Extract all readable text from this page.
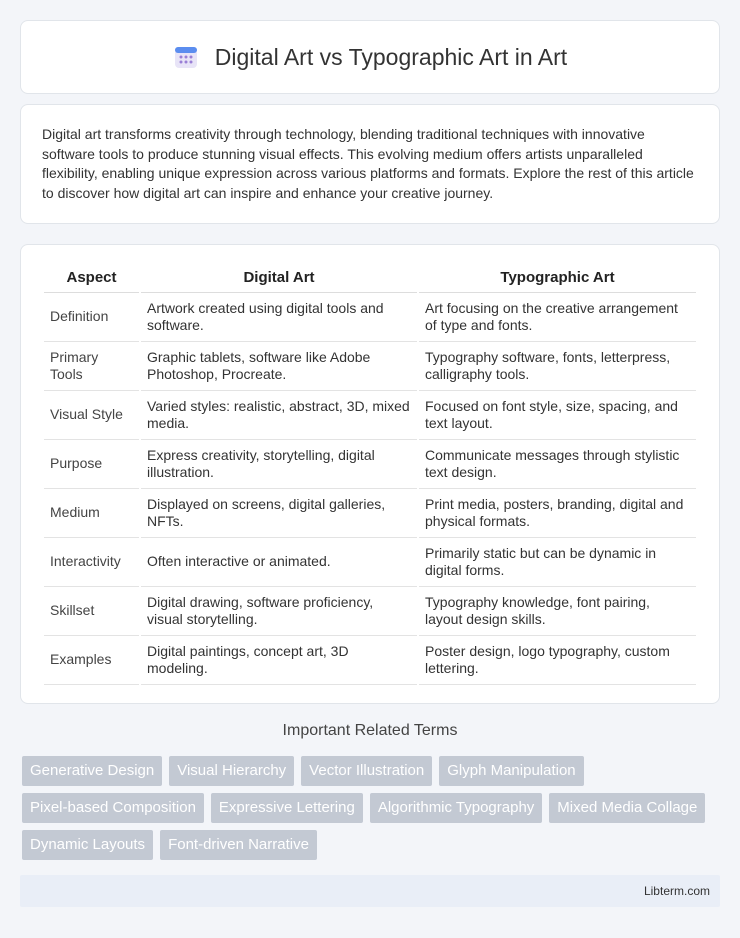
Digital Art vs Typographic Art in Art

Digital art transforms creativity through technology, blending traditional techniques with innovative software tools to produce stunning visual effects. This evolving medium offers artists unparalleled flexibility, enabling unique expression across various platforms and formats. Explore the rest of this article to discover how digital art can inspire and enhance your creative journey.

Aspect	Digital Art	Typographic Art
Definition	Artwork created using digital tools and software.	Art focusing on the creative arrangement of type and fonts.
Primary Tools	Graphic tablets, software like Adobe Photoshop, Procreate.	Typography software, fonts, letterpress, calligraphy tools.
Visual Style	Varied styles: realistic, abstract, 3D, mixed media.	Focused on font style, size, spacing, and text layout.
Purpose	Express creativity, storytelling, digital illustration.	Communicate messages through stylistic text design.
Medium	Displayed on screens, digital galleries, NFTs.	Print media, posters, branding, digital and physical formats.
Interactivity	Often interactive or animated.	Primarily static but can be dynamic in digital forms.
Skillset	Digital drawing, software proficiency, visual storytelling.	Typography knowledge, font pairing, layout design skills.
Examples	Digital paintings, concept art, 3D modeling.	Poster design, logo typography, custom lettering.
Important Related Terms
Generative Design	Visual Hierarchy	Vector Illustration	Glyph Manipulation
Pixel-based Composition	Expressive Lettering	Algorithmic Typography	Mixed Media Collage
Dynamic Layouts	Font-driven Narrative
Libterm.com
